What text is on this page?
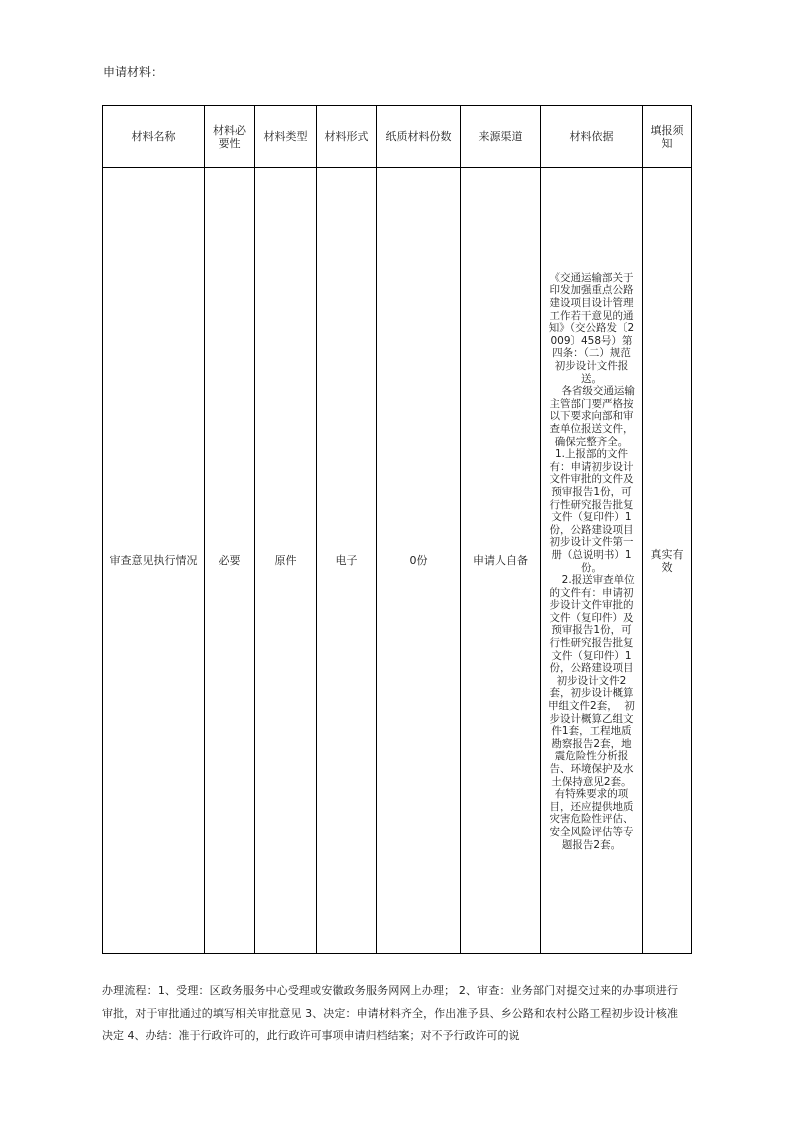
申请材料：
材料名称	材料必要性	材料类型	材料形式	纸质材料份数	来源渠道	材料依据	填报须知
审查意见执行情况	必要	原件	电子	0份	申请人自备	《交通运输部关于印发加强重点公路建设项目设计管理工作若干意见的通知》（交公路发〔2009〕458号）第四条：（二）规范初步设计文件报送。
各省级交通运输主管部门要严格按以下要求向部和审查单位报送文件，确保完整齐全。    1.上报部的文件有：申请初步设计文件审批的文件及预审报告1份，可行性研究报告批复文件（复印件）1份，公路建设项目初步设计文件第一册（总说明书）1份。
2.报送审查单位的文件有：申请初步设计文件审批的文件（复印件）及预审报告1份，可行性研究报告批复文件（复印件）1份，公路建设项目初步设计文件2套，初步设计概算甲组文件2套，  初步设计概算乙组文件1套，工程地质勘察报告2套，地震危险性分析报告、环境保护及水土保持意见2套。有特殊要求的项目，还应提供地质灾害危险性评估、安全风险评估等专题报告2套。	真实有效
办理流程：1、受理：区政务服务中心受理或安徽政务服务网网上办理； 2、审查：业务部门对提交过来的办事项进行审批，对于审批通过的填写相关审批意见 3、决定：申请材料齐全，作出准予县、乡公路和农村公路工程初步设计核准决定 4、办结：准于行政许可的，此行政许可事项申请归档结案；对不予行政许可的说
